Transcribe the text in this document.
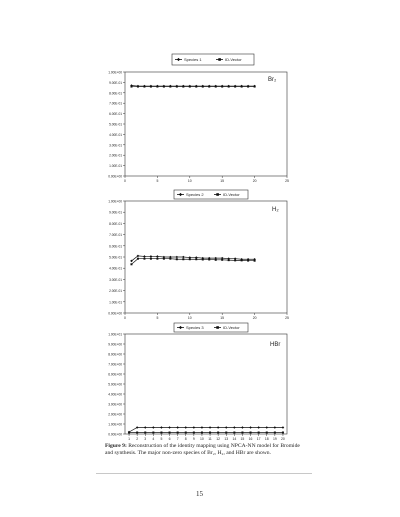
1.00E+00
9.00E-01
8.00E-01
7.00E-01
6.00E-01
5.00E-01
4.00E-01
3.00E-01
2.00E-01
1.00E-01
0.00E+00
0	5	10	15	20	25
Species 1	ID-Vector
Br₂
1.00E+00
9.00E-01
8.00E-01
7.00E-01
6.00E-01
5.00E-01
4.00E-01
3.00E-01
2.00E-01
1.00E-01
0.00E+00
0	5	10	15	20	25
Species 2	ID-Vector
H₂
1.00E+01
9.00E+00
8.00E+00
7.00E+00
6.00E+00
5.00E+00
4.00E+00
3.00E+00
2.00E+00
1.00E+00
0.00E+00
1 2 3 4 5 6 7 8 9 10 11 12 13 14 15 16 17 18 19 20
Species 3	ID-Vector
HBr
Figure 9: Reconstruction of the identity mapping using NPCA-NN model for Bromide and synthesis. The major non-zero species of Br₂, H₂, and HBr are shown.
15
